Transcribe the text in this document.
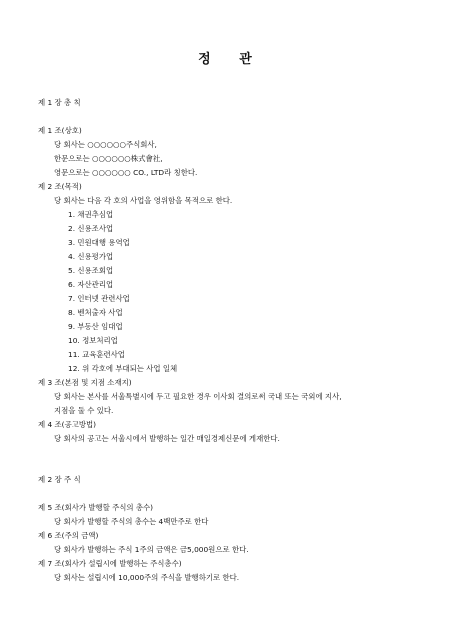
정 관
제 1 장 총 칙
제 1 조(상호)
당 회사는 ○○○○○○주식회사,
한문으로는 ○○○○○○株式會社,
영문으로는 ○○○○○○ CO., LTD라 칭한다.
제 2 조(목적)
당 회사는 다음 각 호의 사업을 영위함을 목적으로 한다.
1. 채권추심업
2. 신용조사업
3. 민원대행 용역업
4. 신용평가업
5. 신용조회업
6. 자산관리업
7. 인터넷 관련사업
8. 벤처출자 사업
9. 부동산 임대업
10. 정보처리업
11. 교육훈련사업
12. 위 각호에 부대되는 사업 일체
제 3 조(본점 및 지점 소재지)
당 회사는 본사를 서울특별시에 두고 필요한 경우 이사회 결의로써 국내 또는 국외에 지사,
지점을 둘 수 있다.
제 4 조(공고방법)
당 회사의 공고는 서울시에서 발행하는 일간 매일경제신문에 게재한다.
제 2 장 주 식
제 5 조(회사가 발행할 주식의 총수)
당 회사가 발행할 주식의 총수는 4백만주로 한다
제 6 조(주의 금액)
당 회사가 발행하는 주식 1주의 금액은 금5,000원으로 한다.
제 7 조(회사가 설립시에 발행하는 주식총수)
당 회사는 설립시에 10,000주의 주식을 발행하기로 한다.
